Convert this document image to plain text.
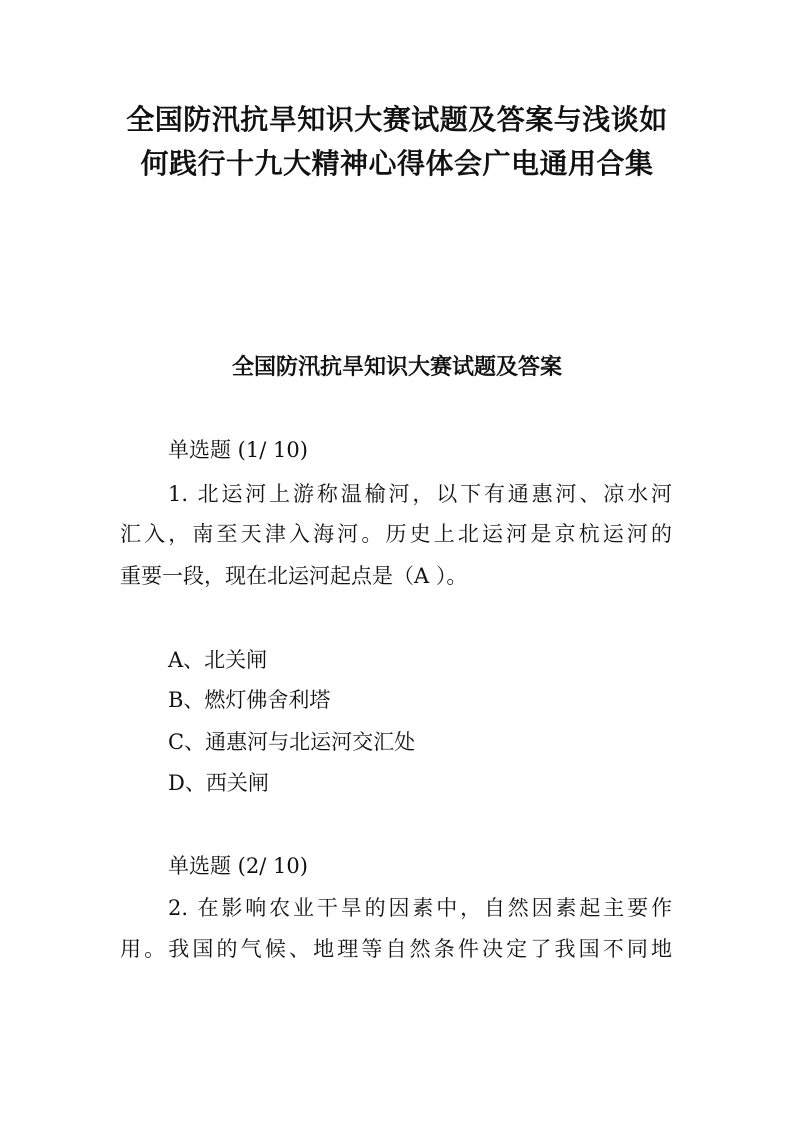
全国防汛抗旱知识大赛试题及答案与浅谈如何践行十九大精神心得体会广电通用合集
全国防汛抗旱知识大赛试题及答案
单选题 (1/ 10)
1. 北运河上游称温榆河，以下有通惠河、凉水河
汇入，南至天津入海河。历史上北运河是京杭运河的
重要一段，现在北运河起点是（A ）。
A、北关闸
B、燃灯佛舍利塔
C、通惠河与北运河交汇处
D、西关闸
单选题 (2/ 10)
2. 在影响农业干旱的因素中，自然因素起主要作
用。我国的气候、地理等自然条件决定了我国不同地
